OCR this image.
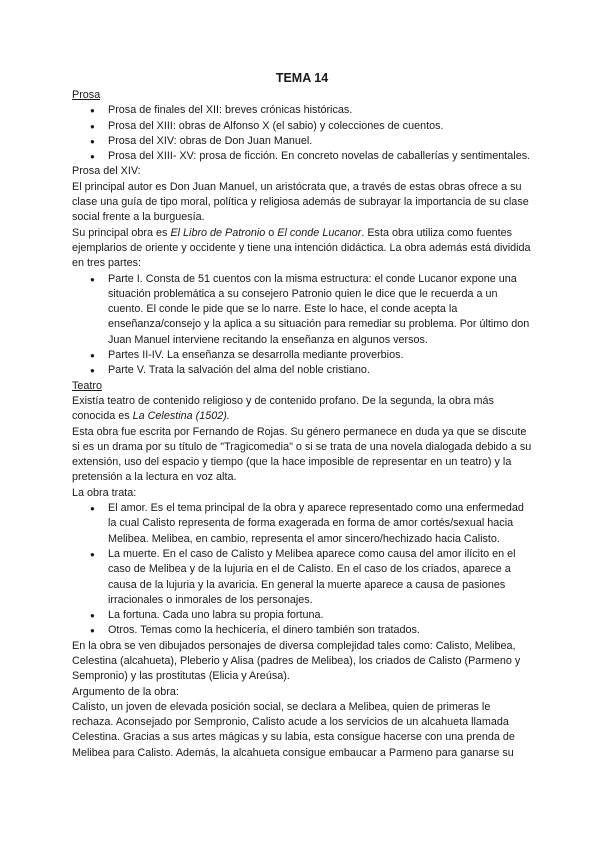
TEMA 14

Prosa

● Prosa de finales del XII: breves crónicas históricas.
● Prosa del XIII: obras de Alfonso X (el sabio) y colecciones de cuentos.
● Prosa del XIV: obras de Don Juan Manuel.
● Prosa del XIII- XV: prosa de ficción. En concreto novelas de caballerías y sentimentales.

Prosa del XIV:

El principal autor es Don Juan Manuel, un aristócrata que, a través de estas obras ofrece a su clase una guía de tipo moral, política y religiosa además de subrayar la importancia de su clase social frente a la burguesía.

Su principal obra es El Libro de Patronio o El conde Lucanor. Esta obra utiliza como fuentes ejemplarios de oriente y occidente y tiene una intención didáctica. La obra además está dividida en tres partes:

● Parte I. Consta de 51 cuentos con la misma estructura: el conde Lucanor expone una situación problemática a su consejero Patronio quien le dice que le recuerda a un cuento. El conde le pide que se lo narre. Este lo hace, el conde acepta la enseñanza/consejo y la aplica a su situación para remediar su problema. Por último don Juan Manuel interviene recitando la enseñanza en algunos versos.
● Partes II-IV. La enseñanza se desarrolla mediante proverbios.
● Parte V. Trata la salvación del alma del noble cristiano.

Teatro

Existía teatro de contenido religioso y de contenido profano. De la segunda, la obra más conocida es La Celestina (1502).

Esta obra fue escrita por Fernando de Rojas. Su género permanece en duda ya que se discute si es un drama por su título de "Tragicomedia" o si se trata de una novela dialogada debido a su extensión, uso del espacio y tiempo (que la hace imposible de representar en un teatro) y la pretensión a la lectura en voz alta.

La obra trata:

● El amor. Es el tema principal de la obra y aparece representado como una enfermedad la cual Calisto representa de forma exagerada en forma de amor cortés/sexual hacia Melibea. Melibea, en cambio, representa el amor sincero/hechizado hacia Calisto.
● La muerte. En el caso de Calisto y Melibea aparece como causa del amor ilícito en el caso de Melibea y de la lujuria en el de Calisto. En el caso de los criados, aparece a causa de la lujuria y la avaricia. En general la muerte aparece a causa de pasiones irracionales o inmorales de los personajes.
● La fortuna. Cada uno labra su propia fortuna.
● Otros. Temas como la hechicería, el dinero también son tratados.

En la obra se ven dibujados personajes de diversa complejidad tales como: Calisto, Melibea, Celestina (alcahueta), Pleberio y Alisa (padres de Melibea), los criados de Calisto (Parmeno y Sempronio) y las prostitutas (Elicia y Areúsa).

Argumento de la obra:

Calisto, un joven de elevada posición social, se declara a Melibea, quien de primeras le rechaza. Aconsejado por Sempronio, Calisto acude a los servicios de un alcahueta llamada Celestina. Gracias a sus artes mágicas y su labia, esta consigue hacerse con una prenda de Melibea para Calisto. Además, la alcahueta consigue embaucar a Parmeno para ganarse su
